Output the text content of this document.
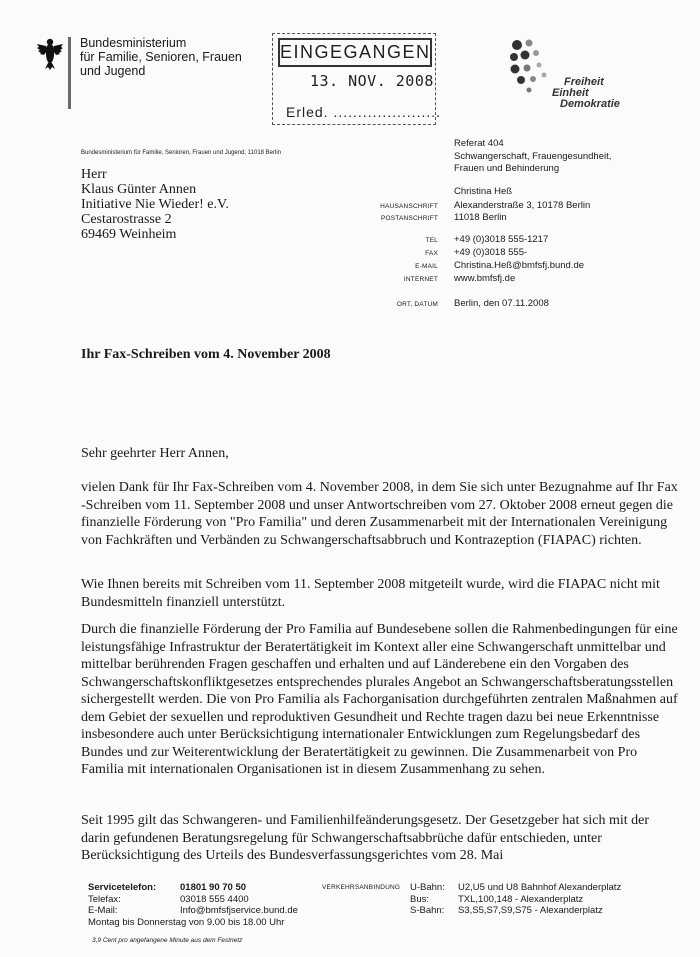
Bundesministerium
für Familie, Senioren, Frauen
und Jugend
EINGEGANGEN
13. NOV. 2008
Erled. ......................
Freiheit
Einheit
Demokratie
Bundesministerium für Familie, Senioren, Frauen und Jugend, 11018 Berlin
Herr
Klaus Günter Annen
Initiative Nie Wieder! e.V.
Cestarostrasse 2
69469 Weinheim
Referat 404
Schwangerschaft, Frauengesundheit,
Frauen und Behinderung
Christina Heß
HAUSANSCHRIFT Alexanderstraße 3, 10178 Berlin
POSTANSCHRIFT 11018 Berlin
TEL +49 (0)3018 555-1217
FAX +49 (0)3018 555-
E-MAIL Christina.Heß@bmfsfj.bund.de
INTERNET www.bmfsfj.de
ORT, DATUM Berlin, den 07.11.2008
Ihr Fax-Schreiben vom 4. November 2008
Sehr geehrter Herr Annen,
vielen Dank für Ihr Fax-Schreiben vom 4. November 2008, in dem Sie sich unter Bezugnahme auf Ihr Fax -Schreiben vom 11. September 2008 und unser Antwortschreiben vom 27. Oktober 2008 erneut gegen die finanzielle Förderung von "Pro Familia" und deren Zusammenarbeit mit der Internationalen Vereinigung von Fachkräften und Verbänden zu Schwangerschaftsabbruch und Kontrazeption (FIAPAC) richten.
Wie Ihnen bereits mit Schreiben vom 11. September 2008 mitgeteilt wurde, wird die FIAPAC nicht mit Bundesmitteln finanziell unterstützt.
Durch die finanzielle Förderung der Pro Familia auf Bundesebene sollen die Rahmenbedingungen für eine leistungsfähige Infrastruktur der Beratertätigkeit im Kontext aller eine Schwangerschaft unmittelbar und mittelbar berührenden Fragen geschaffen und erhalten und auf Länderebene ein den Vorgaben des Schwangerschaftskonfliktgesetzes entsprechendes plurales Angebot an Schwangerschaftsberatungsstellen sichergestellt werden. Die von Pro Familia als Fachorganisation durchgeführten zentralen Maßnahmen auf dem Gebiet der sexuellen und reproduktiven Gesundheit und Rechte tragen dazu bei neue Erkenntnisse insbesondere auch unter Berücksichtigung internationaler Entwicklungen zum Regelungsbedarf des Bundes und zur Weiterentwicklung der Beratertätigkeit zu gewinnen. Die Zusammenarbeit von Pro Familia mit internationalen Organisationen ist in diesem Zusammenhang zu sehen.
Seit 1995 gilt das Schwangeren- und Familienhilfeänderungsgesetz. Der Gesetzgeber hat sich mit der darin gefundenen Beratungsregelung für Schwangerschaftsabbrüche dafür entschieden, unter Berücksichtigung des Urteils des Bundesverfassungsgerichtes vom 28. Mai
Servicetelefon:	01801 90 70 50
Telefax:	03018 555 4400
E-Mail:	Info@bmfsfjservice.bund.de
Montag bis Donnerstag von 9.00 bis 18.00 Uhr
3,9 Cent pro angefangene Minute aus dem Festnetz
VERKEHRSANBINDUNG U-Bahn:	U2,U5 und U8 Bahnhof Alexanderplatz
Bus:	TXL,100,148 - Alexanderplatz
S-Bahn:	S3,S5,S7,S9,S75 - Alexanderplatz
